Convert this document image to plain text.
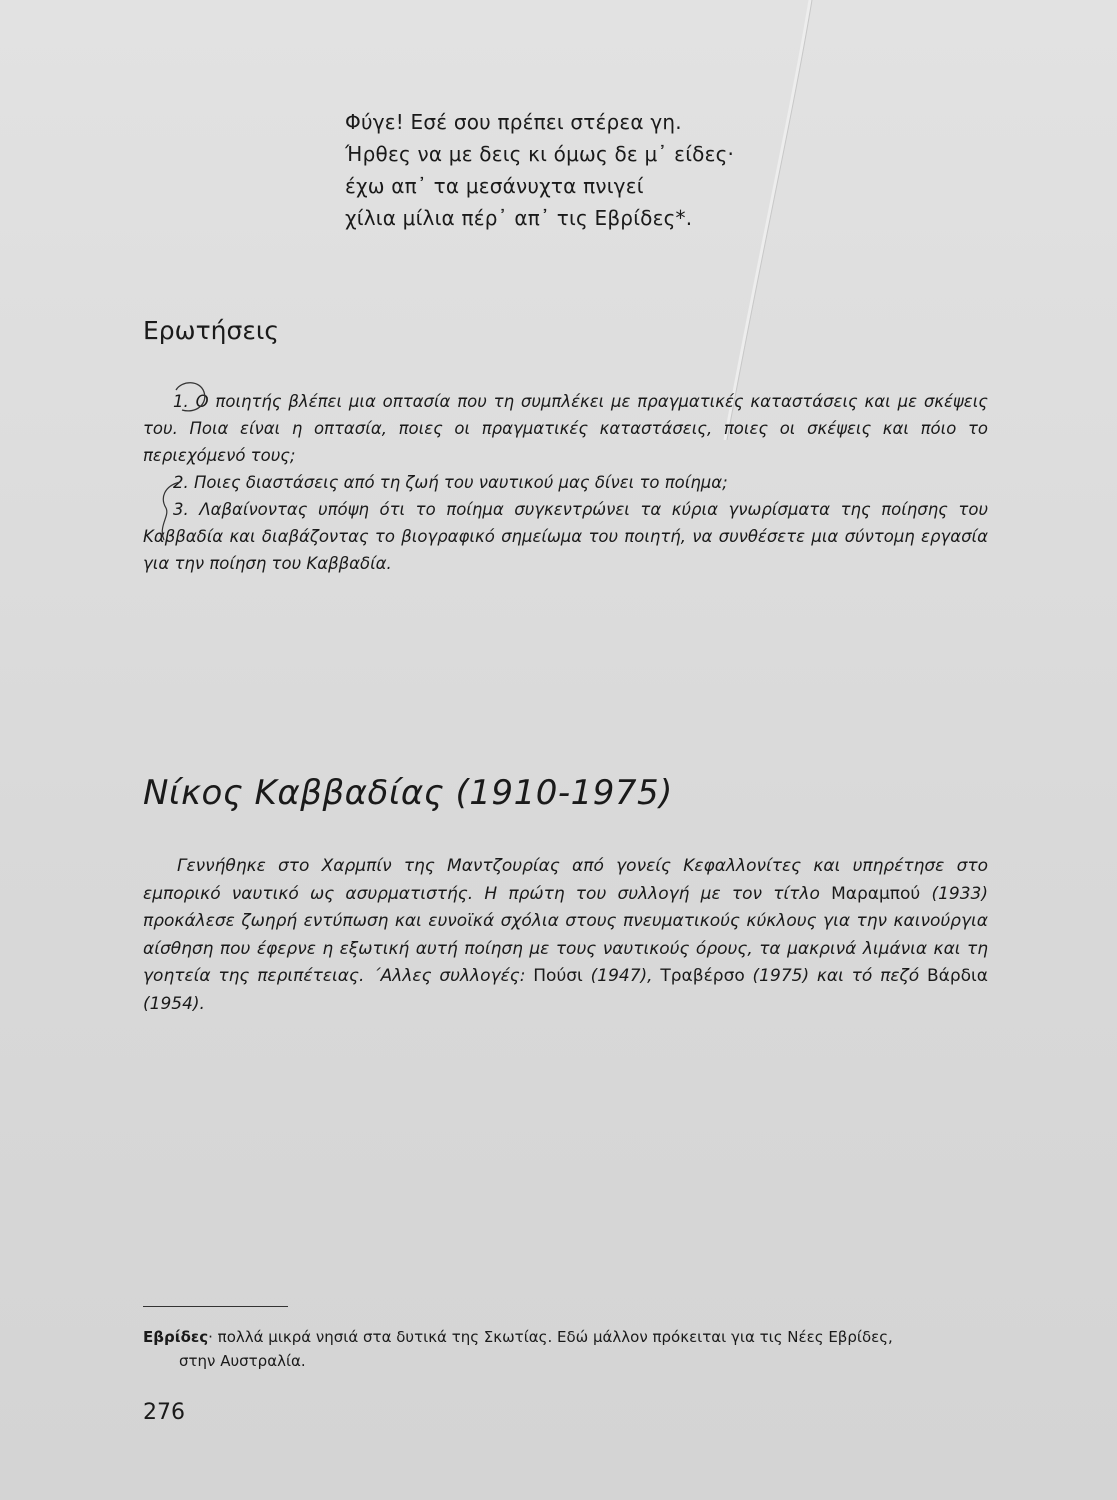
Φύγε! Εσέ σου πρέπει στέρεα γη.
Ήρθες να με δεις κι όμως δε μ᾽ είδες·
έχω απ᾽ τα μεσάνυχτα πνιγεί
χίλια μίλια πέρ᾽ απ᾽ τις Εβρίδες*.
Ερωτήσεις

1. Ο ποιητής βλέπει μια οπτασία που τη συμπλέκει με πραγματικές καταστάσεις και με σκέψεις του. Ποια είναι η οπτασία, ποιες οι πραγματικές καταστάσεις, ποιες οι σκέψεις και πόιο το περιεχόμενό τους;

2. Ποιες διαστάσεις από τη ζωή του ναυτικού μας δίνει το ποίημα;

3. Λαβαίνοντας υπόψη ότι το ποίημα συγκεντρώνει τα κύρια γνωρίσματα της ποίησης του Καββαδία και διαβάζοντας το βιογραφικό σημείωμα του ποιητή, να συνθέσετε μια σύντομη εργασία για την ποίηση του Καββαδία.

Νίκος Καββαδίας (1910-1975)

Γεννήθηκε στο Χαρμπίν της Μαντζουρίας από γονείς Κεφαλλονίτες και υπηρέτησε στο εμπορικό ναυτικό ως ασυρματιστής. Η πρώτη του συλλογή με τον τίτλο Μαραμπού (1933) προκάλεσε ζωηρή εντύπωση και ευνοϊκά σχόλια στους πνευματικούς κύκλους για την καινούργια αίσθηση που έφερνε η εξωτική αυτή ποίηση με τους ναυτικούς όρους, τα μακρινά λιμάνια και τη γοητεία της περιπέτειας. ´Αλλες συλλογές: Πούσι (1947), Τραβέρσο (1975) και τό πεζό Βάρδια (1954).

Εβρίδες· πολλά μικρά νησιά στα δυτικά της Σκωτίας. Εδώ μάλλον πρόκειται για τις Νέες Εβρίδες,
στην Αυστραλία.
276
